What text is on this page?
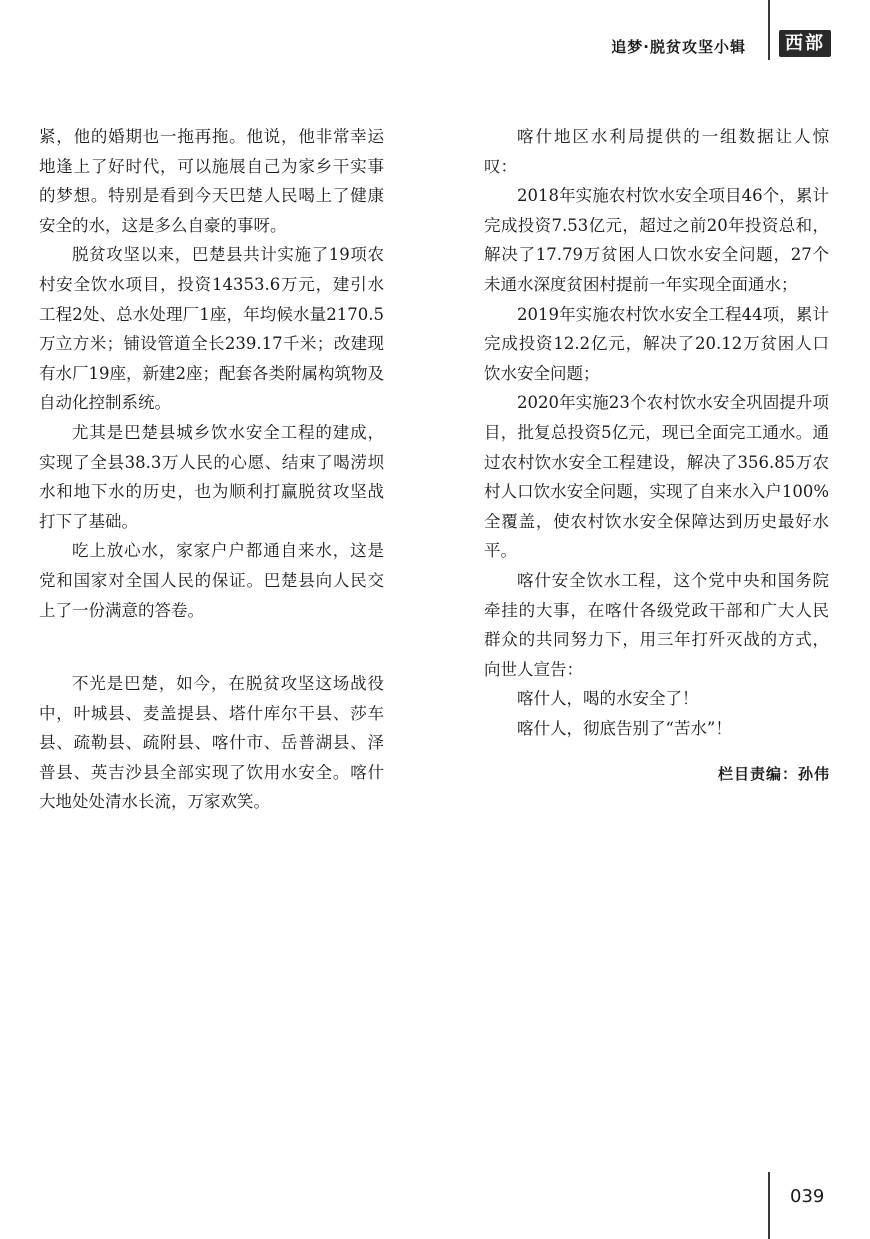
追梦·脱贫攻坚小辑	西部

紧，他的婚期也一拖再拖。他说，他非常幸运地逢上了好时代，可以施展自己为家乡干实事的梦想。特别是看到今天巴楚人民喝上了健康安全的水，这是多么自豪的事呀。

脱贫攻坚以来，巴楚县共计实施了19项农村安全饮水项目，投资14353.6万元，建引水工程2处、总水处理厂1座，年均候水量2170.5万立方米；铺设管道全长239.17千米；改建现有水厂19座，新建2座；配套各类附属构筑物及自动化控制系统。

尤其是巴楚县城乡饮水安全工程的建成，实现了全县38.3万人民的心愿、结束了喝涝坝水和地下水的历史，也为顺利打赢脱贫攻坚战打下了基础。

吃上放心水，家家户户都通自来水，这是党和国家对全国人民的保证。巴楚县向人民交上了一份满意的答卷。

不光是巴楚，如今，在脱贫攻坚这场战役中，叶城县、麦盖提县、塔什库尔干县、莎车县、疏勒县、疏附县、喀什市、岳普湖县、泽普县、英吉沙县全部实现了饮用水安全。喀什大地处处清水长流，万家欢笑。

喀什地区水利局提供的一组数据让人惊叹：

2018年实施农村饮水安全项目46个，累计完成投资7.53亿元，超过之前20年投资总和，解决了17.79万贫困人口饮水安全问题，27个未通水深度贫困村提前一年实现全面通水；

2019年实施农村饮水安全工程44项，累计完成投资12.2亿元，解决了20.12万贫困人口饮水安全问题；

2020年实施23个农村饮水安全巩固提升项目，批复总投资5亿元，现已全面完工通水。通过农村饮水安全工程建设，解决了356.85万农村人口饮水安全问题，实现了自来水入户100%全覆盖，使农村饮水安全保障达到历史最好水平。

喀什安全饮水工程，这个党中央和国务院牵挂的大事，在喀什各级党政干部和广大人民群众的共同努力下，用三年打歼灭战的方式，向世人宣告：

喀什人，喝的水安全了！

喀什人，彻底告别了“苦水”！

栏目责编：孙伟
039
